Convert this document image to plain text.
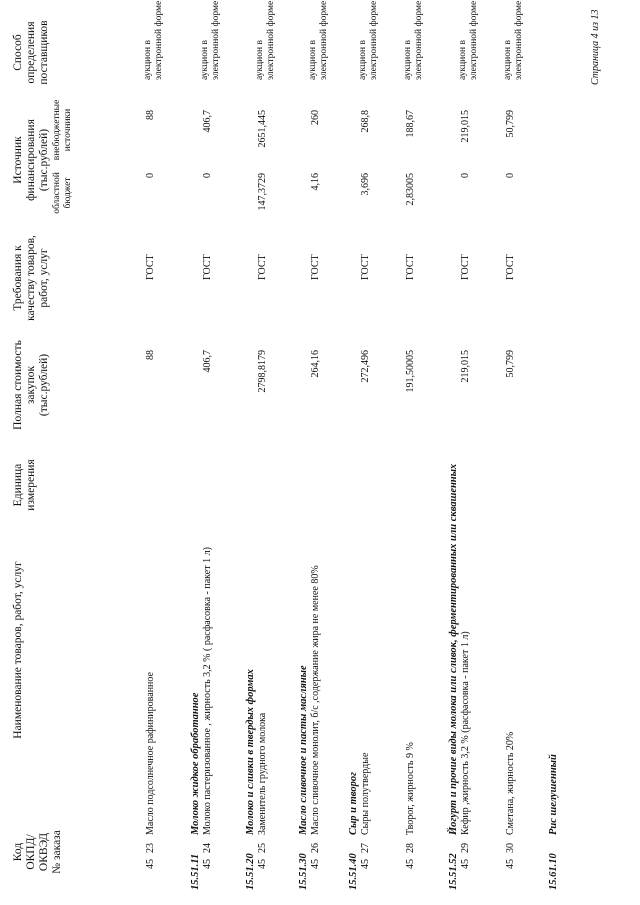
Код ОКПД/ ОКВЭД № заказа
Наименование товаров, работ, услуг
Единица измерения
Полная стоимость закупок (тыс.рублей)
Требования к качеству товаров, работ, услуг
Источник финансирования (тыс.рублей)
областной бюджет
внебюджетные источники
Способ определения поставщиков
45
23
Масло подсолнечное рафинированное
88
ГОСТ
0
88
аукцион в электронной форме
15.51.11
Молоко жидкое обработанное
45
24
Молоко пастеризованное , жирность 3,2 % ( расфасовка - пакет 1 л)
406,7
ГОСТ
0
406,7
аукцион в электронной форме
15.51.20
Молоко и сливки в твердых формах
45
25
Заменитель грудного молока
2798,8179
ГОСТ
147,3729
2651,445
аукцион в электронной форме
15.51.30
Масло сливочное и пасты масляные
45
26
Масло сливочное монолит, б/с ,содержание жира не менее 80%
264,16
ГОСТ
4,16
260
аукцион в электронной форме
15.51.40
Сыр и творог
45
27
Сыры полутвердые
272,496
ГОСТ
3,696
268,8
аукцион в электронной форме
45
28
Творог, жирность 9 %
191,50005
ГОСТ
2,83005
188,67
аукцион в электронной форме
15.51.52
Йогурт и прочие виды молока или сливок, ферментированных или сквашенных
45
29
Кефир ,жирность 3,2 % (расфасовка - пакет 1 л)
219,015
ГОСТ
0
219,015
аукцион в электронной форме
45
30
Сметана, жирность 20%
50,799
ГОСТ
0
50,799
аукцион в электронной форме
15.61.10
Рис шелушенный
Страница 4 из 13
